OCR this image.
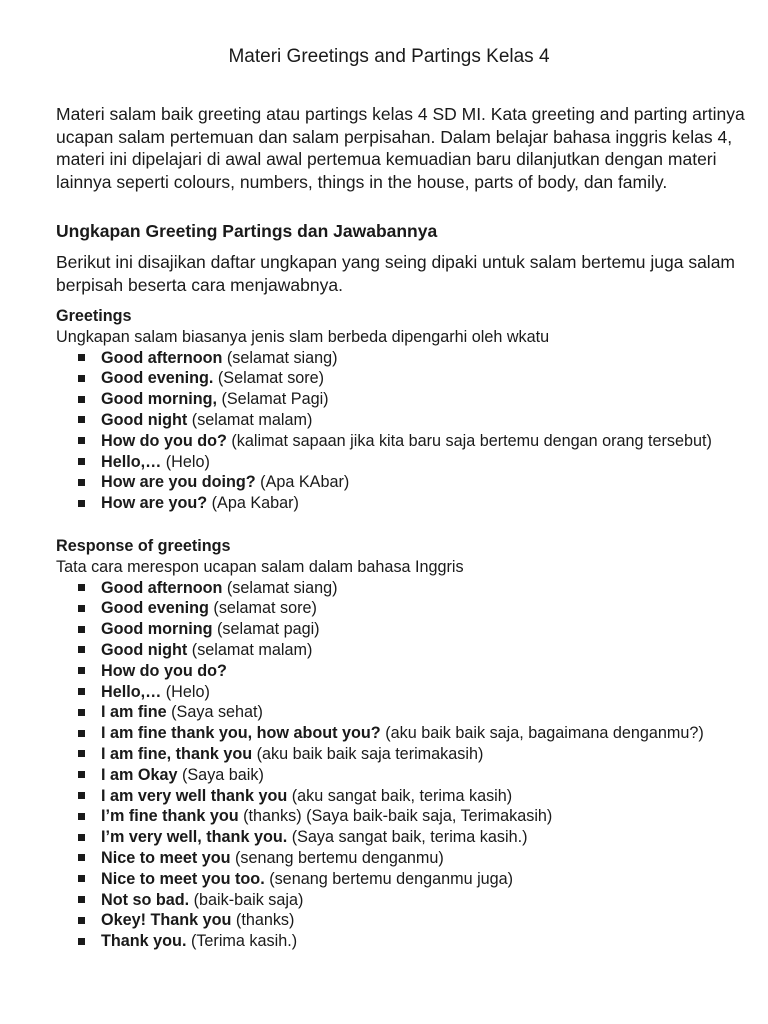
Materi Greetings and Partings Kelas 4

Materi salam baik greeting atau partings kelas 4 SD MI. Kata greeting and parting artinya ucapan salam pertemuan dan salam perpisahan. Dalam belajar bahasa inggris kelas 4, materi ini dipelajari di awal awal pertemua kemuadian baru dilanjutkan dengan materi lainnya seperti colours, numbers, things in the house, parts of body, dan family.

Ungkapan Greeting Partings dan Jawabannya

Berikut ini disajikan daftar ungkapan yang seing dipaki untuk salam bertemu juga salam berpisah beserta cara menjawabnya.

Greetings

Ungkapan salam biasanya jenis slam berbeda dipengarhi oleh wkatu

Good afternoon (selamat siang)
Good evening. (Selamat sore)
Good morning, (Selamat Pagi)
Good night (selamat malam)
How do you do? (kalimat sapaan jika kita baru saja bertemu dengan orang tersebut)
Hello,… (Helo)
How are you doing? (Apa KAbar)
How are you? (Apa Kabar)

Response of greetings

Tata cara merespon ucapan salam dalam bahasa Inggris

Good afternoon (selamat siang)
Good evening (selamat sore)
Good morning (selamat pagi)
Good night (selamat malam)
How do you do?
Hello,… (Helo)
I am fine (Saya sehat)
I am fine thank you, how about you? (aku baik baik saja, bagaimana denganmu?)
I am fine, thank you (aku baik baik saja terimakasih)
I am Okay (Saya baik)
I am very well thank you (aku sangat baik, terima kasih)
I’m fine thank you (thanks) (Saya baik-baik saja, Terimakasih)
I’m very well, thank you. (Saya sangat baik, terima kasih.)
Nice to meet you (senang bertemu denganmu)
Nice to meet you too. (senang bertemu denganmu juga)
Not so bad. (baik-baik saja)
Okey! Thank you (thanks)
Thank you. (Terima kasih.)
